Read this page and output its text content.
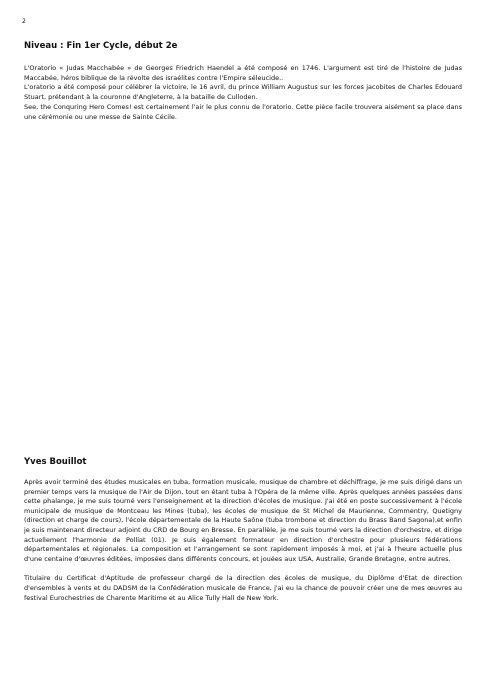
2
Niveau : Fin 1er Cycle, début 2e

L'Oratorio « Judas Macchabée » de Georges Friedrich Haendel a été composé en 1746. L'argument est tiré de l'histoire de Judas Maccabée, héros biblique de la révolte des israélites contre l'Empire séleucide..

L'oratorio a été composé pour célébrer la victoire, le 16 avril, du prince William Augustus sur les forces jacobites de Charles Edouard Stuart, prétendant à la couronne d'Angleterre, à la bataille de Culloden.

See, the Conquring Hero Comes! est certainement l'air le plus connu de l'oratorio. Cette pièce facile trouvera aisément sa place dans une cérémonie ou une messe de Sainte Cécile.

Yves Bouillot

Après avoir terminé des études musicales en tuba, formation musicale, musique de chambre et déchiffrage, je me suis dirigé dans un premier temps vers la musique de l'Air de Dijon, tout en étant tuba à l'Opéra de la même ville. Après quelques années passées dans cette phalange, je me suis tourné vers l'enseignement et la direction d'écoles de musique. J'ai été en poste successivement à l'école municipale de musique de Montceau les Mines (tuba), les écoles de musique de St Michel de Maurienne, Commentry, Quetigny (direction et charge de cours), l'école départementale de la Haute Saône (tuba trombone et direction du Brass Band Sagona),et enfin je suis maintenant directeur adjoint du CRD de Bourg en Bresse. En parallèle, je me suis tourné vers la direction d'orchestre, et dirige actuellement l'harmonie de Polliat (01). Je suis également formateur en direction d'orchestre pour plusieurs fédérations départementales et régionales. La composition et l'arrangement se sont rapidement imposés à moi, et j'ai à l'heure actuelle plus d'une centaine d'œuvres éditées, imposées dans différents concours, et jouées aux USA, Australie, Grande Bretagne, entre autres.

Titulaire du Certificat d'Aptitude de professeur chargé de la direction des écoles de musique, du Diplôme d'Etat de direction d'ensembles à vents et du DADSM de la Confédération musicale de France, j'ai eu la chance de pouvoir créer une de mes œuvres au festival Eurochestries de Charente Maritime et au Alice Tully Hall de New York.
